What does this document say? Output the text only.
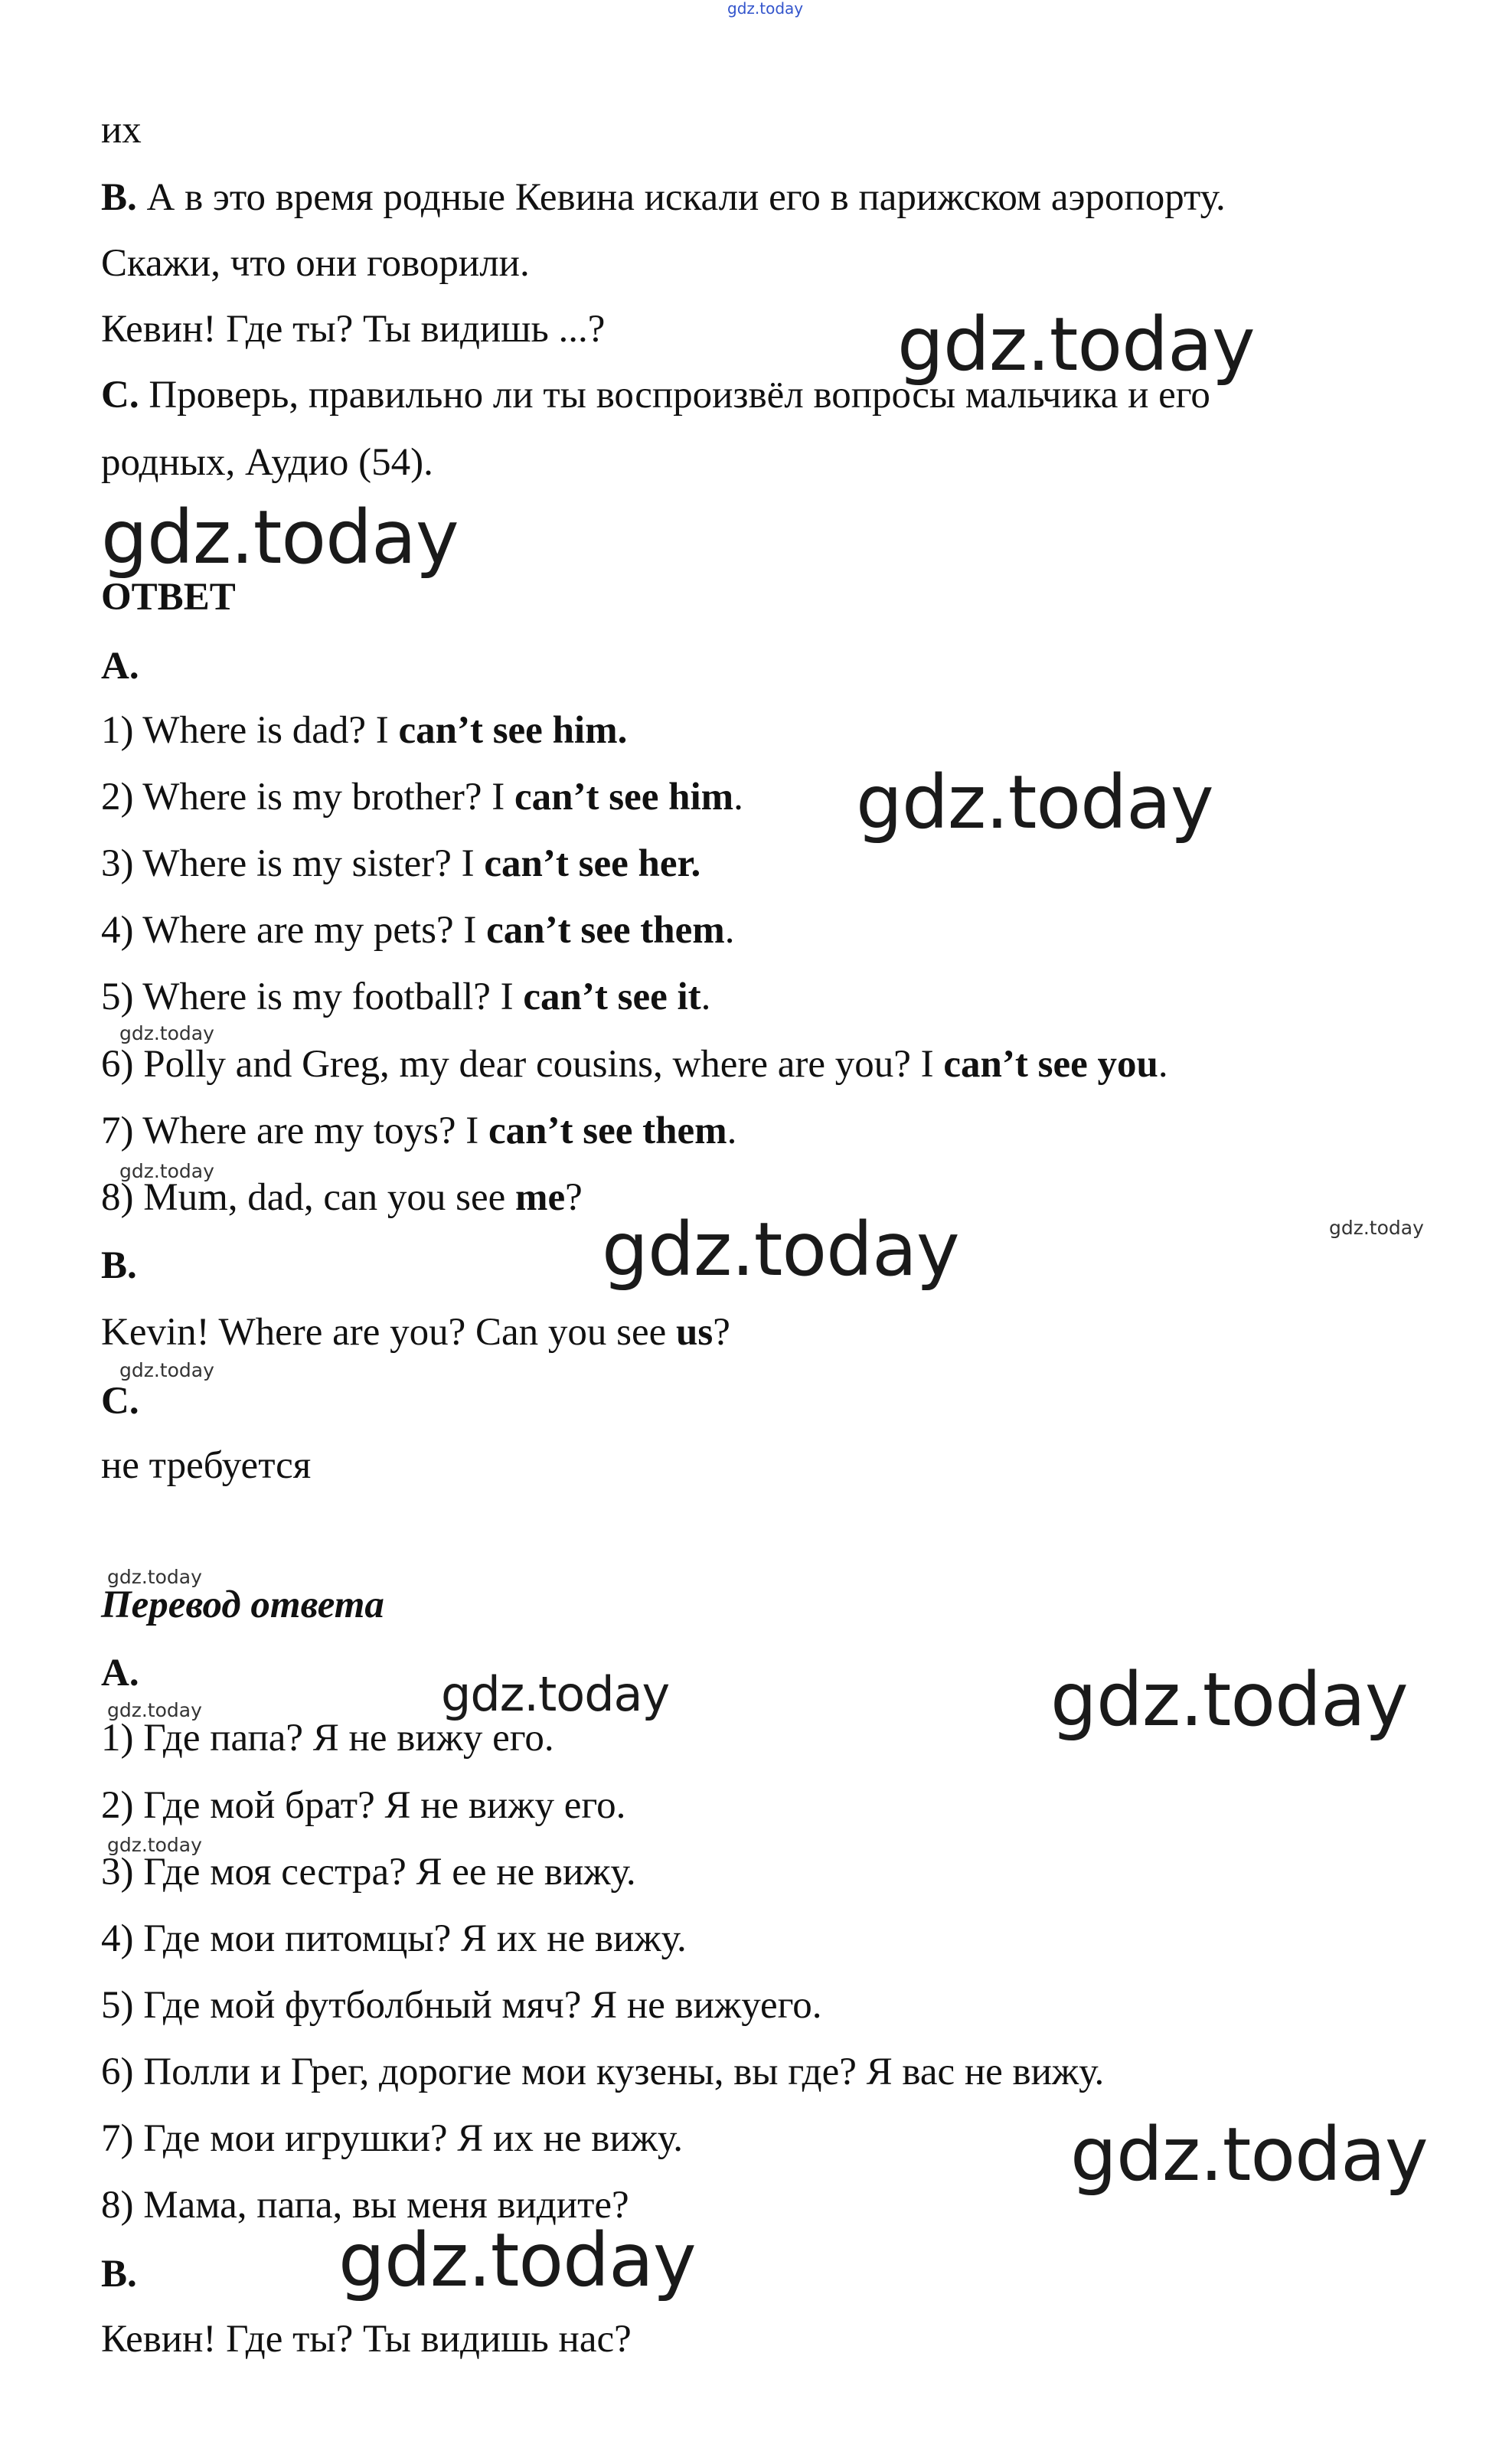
gdz.today
их
B. А в это время родные Кевина искали его в парижском аэропорту.
Скажи, что они говорили.
Кевин! Где ты? Ты видишь ...?
C. Проверь, правильно ли ты воспроизвёл вопросы мальчика и его
родных, Аудио (54).
ОТВЕТ
A.
1) Where is dad? I can’t see him.
2) Where is my brother? I can’t see him.
3) Where is my sister? I can’t see her.
4) Where are my pets? I can’t see them.
5) Where is my football? I can’t see it.
6) Polly and Greg, my dear cousins, where are you? I can’t see you.
7) Where are my toys? I can’t see them.
8) Mum, dad, can you see me?
B.
Kevin! Where are you? Can you see us?
C.
не требуется
Перевод ответа
A.
1) Где папа? Я не вижу его.
2) Где мой брат? Я не вижу его.
3) Где моя сестра? Я ее не вижу.
4) Где мои питомцы? Я их не вижу.
5) Где мой футболбный мяч? Я не вижуего.
6) Полли и Грег, дорогие мои кузены, вы где? Я вас не вижу.
7) Где мои игрушки? Я их не вижу.
8) Мама, папа, вы меня видите?
B.
Кевин! Где ты? Ты видишь нас?
gdz.today
gdz.today
gdz.today
gdz.today
gdz.today
gdz.today
gdz.today
gdz.today
gdz.today
gdz.today
gdz.today
gdz.today
gdz.today
gdz.today
gdz.today
